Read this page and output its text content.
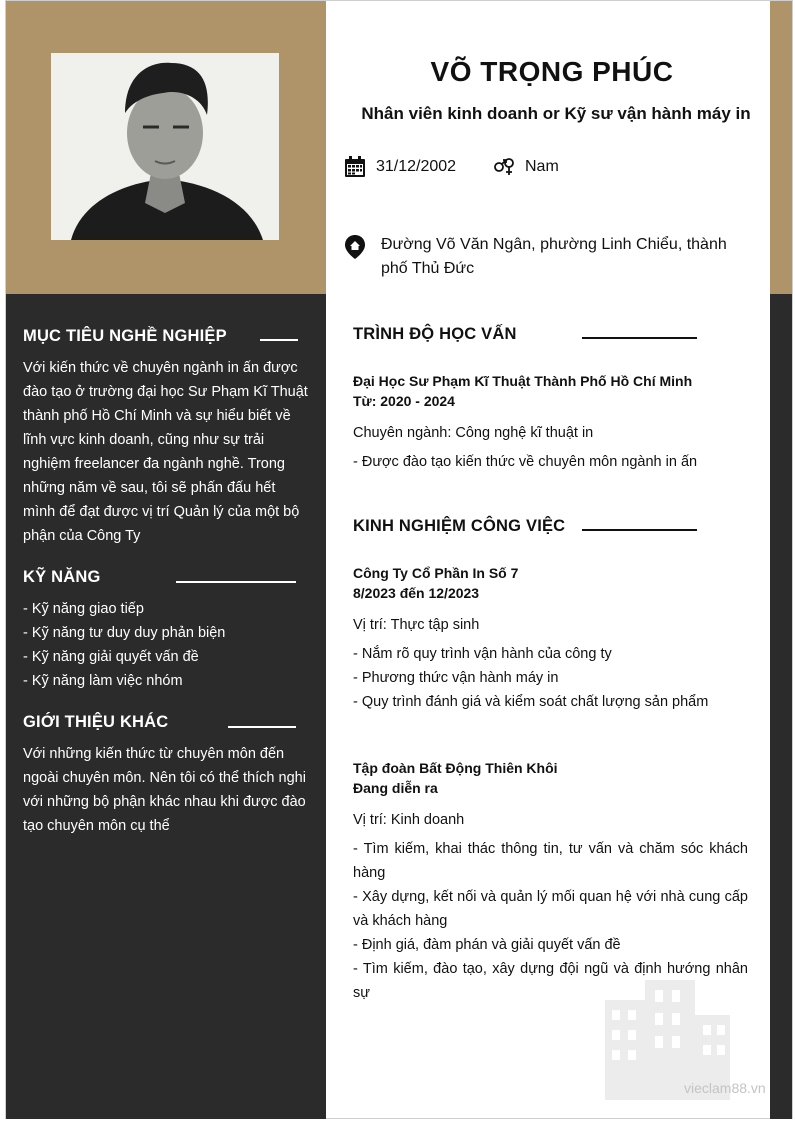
VÕ TRỌNG PHÚC
Nhân viên kinh doanh or Kỹ sư vận hành máy in
31/12/2002	Nam
Đường Võ Văn Ngân, phường Linh Chiểu, thành
phố Thủ Đức
MỤC TIÊU NGHỀ NGHIỆP
Với kiến thức về chuyên ngành in ấn được
đào tạo ở trường đại học Sư Phạm Kĩ Thuật
thành phố Hồ Chí Minh và sự hiểu biết về
lĩnh vực kinh doanh, cũng như sự trải
nghiệm freelancer đa ngành nghề. Trong
những năm về sau, tôi sẽ phấn đấu hết
mình để đạt được vị trí Quản lý của một bộ
phận của Công Ty
KỸ NĂNG
- Kỹ năng giao tiếp
- Kỹ năng tư duy duy phản biện
- Kỹ năng giải quyết vấn đề
- Kỹ năng làm việc nhóm
GIỚI THIỆU KHÁC
Với những kiến thức từ chuyên môn đến
ngoài chuyên môn. Nên tôi có thể thích nghi
với những bộ phận khác nhau khi được đào
tạo chuyên môn cụ thể
TRÌNH ĐỘ HỌC VẤN
Đại Học Sư Phạm Kĩ Thuật Thành Phố Hồ Chí Minh
Từ: 2020 - 2024
Chuyên ngành: Công nghệ kĩ thuật in
- Được đào tạo kiến thức về chuyên môn ngành in ấn
KINH NGHIỆM CÔNG VIỆC
Công Ty Cổ Phần In Số 7
8/2023 đến 12/2023
Vị trí: Thực tập sinh
- Nắm rõ quy trình vận hành của công ty
- Phương thức vận hành máy in
- Quy trình đánh giá và kiểm soát chất lượng sản phẩm
Tập đoàn Bất Động Thiên Khôi
Đang diễn ra
Vị trí: Kinh doanh
- Tìm kiếm, khai thác thông tin, tư vấn và chăm sóc khách hàng
- Xây dựng, kết nối và quản lý mối quan hệ với nhà cung cấp và khách hàng
- Định giá, đàm phán và giải quyết vấn đề
- Tìm kiếm, đào tạo, xây dựng đội ngũ và định hướng nhân sự
vieclam88.vn
